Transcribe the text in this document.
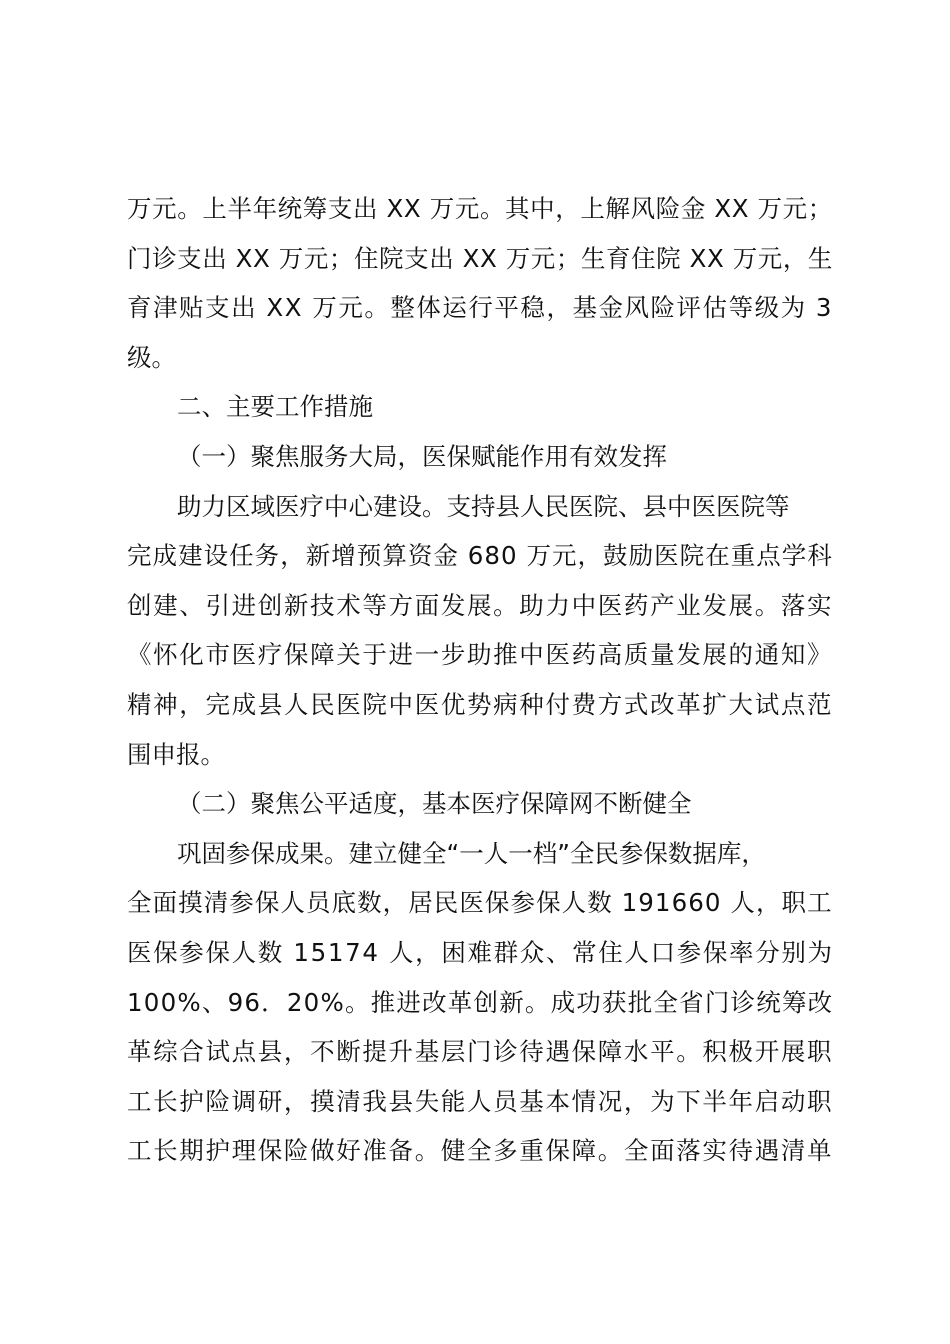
万元。上半年统筹支出 XX 万元。其中，上解风险金 XX 万元；
门诊支出 XX 万元；住院支出 XX 万元；生育住院 XX 万元，生
育津贴支出 XX 万元。整体运行平稳，基金风险评估等级为 3
级。
二、主要工作措施
（一）聚焦服务大局，医保赋能作用有效发挥
助力区域医疗中心建设。支持县人民医院、县中医医院等
完成建设任务，新增预算资金 680 万元，鼓励医院在重点学科
创建、引进创新技术等方面发展。助力中医药产业发展。落实
《怀化市医疗保障关于进一步助推中医药高质量发展的通知》
精神，完成县人民医院中医优势病种付费方式改革扩大试点范
围申报。
（二）聚焦公平适度，基本医疗保障网不断健全
巩固参保成果。建立健全“一人一档”全民参保数据库，
全面摸清参保人员底数，居民医保参保人数 191660 人，职工
医保参保人数 15174 人，困难群众、常住人口参保率分别为
100%、96．20%。推进改革创新。成功获批全省门诊统筹改
革综合试点县，不断提升基层门诊待遇保障水平。积极开展职
工长护险调研，摸清我县失能人员基本情况，为下半年启动职
工长期护理保险做好准备。健全多重保障。全面落实待遇清单
